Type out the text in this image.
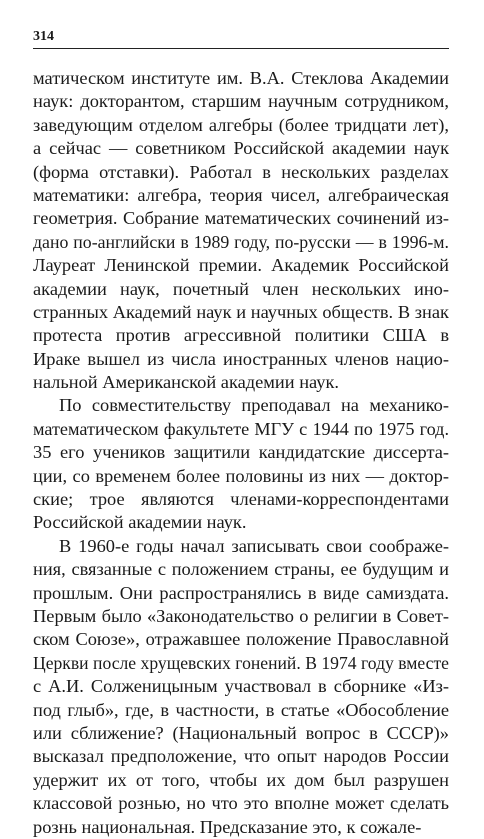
314
матическом институте им. В.А. Стеклова Академии
наук: докторантом, старшим научным сотрудником,
заведующим отделом алгебры (более тридцати лет),
а сейчас — советником Российской академии наук
(форма отставки). Работал в нескольких разделах
математики: алгебра, теория чисел, алгебраическая
геометрия. Собрание математических сочинений из-
дано по-английски в 1989 году, по-русски — в 1996-м.
Лауреат Ленинской премии. Академик Российской
академии наук, почетный член нескольких ино-
странных Академий наук и научных обществ. В знак
протеста против агрессивной политики США в
Ираке вышел из числа иностранных членов нацио-
нальной Американской академии наук.
По совместительству преподавал на механико-
математическом факультете МГУ с 1944 по 1975 год.
35 его учеников защитили кандидатские диссерта-
ции, со временем более половины из них — доктор-
ские; трое являются членами-корреспондентами
Российской академии наук.
В 1960-е годы начал записывать свои соображе-
ния, связанные с положением страны, ее будущим и
прошлым. Они распространялись в виде самиздата.
Первым было «Законодательство о религии в Совет-
ском Союзе», отражавшее положение Православной
Церкви после хрущевских гонений. В 1974 году вместе
с А.И. Солженицыным участвовал в сборнике «Из-
под глыб», где, в частности, в статье «Обособление
или сближение? (Национальный вопрос в СССР)»
высказал предположение, что опыт народов России
удержит их от того, чтобы их дом был разрушен
классовой рознью, но что это вполне может сделать
рознь национальная. Предсказание это, к сожале-
